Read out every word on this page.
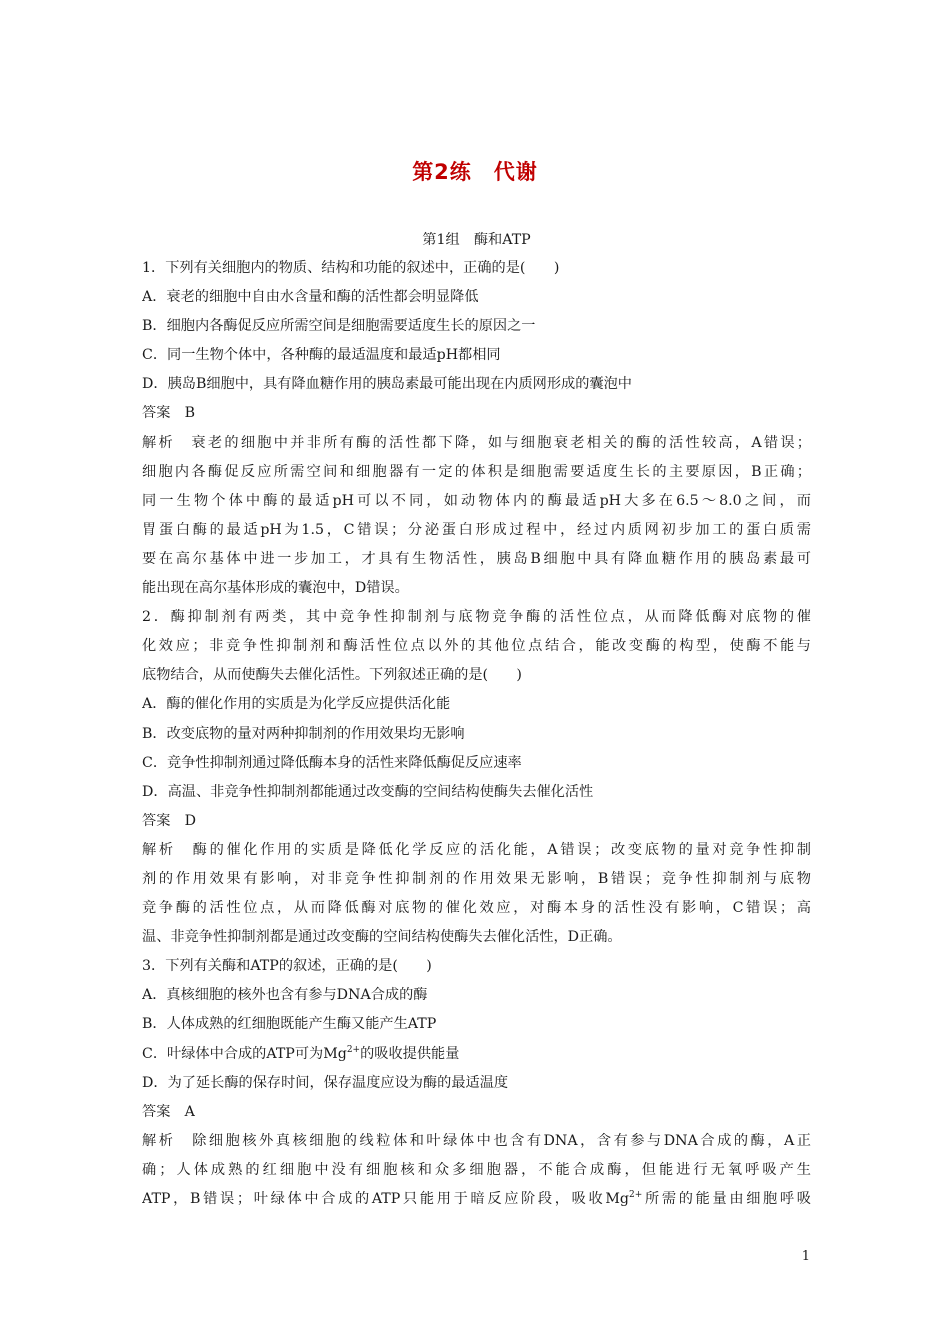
第2练　代谢
第1组　酶和ATP
1．下列有关细胞内的物质、结构和功能的叙述中，正确的是(　　)
A．衰老的细胞中自由水含量和酶的活性都会明显降低
B．细胞内各酶促反应所需空间是细胞需要适度生长的原因之一
C．同一生物个体中，各种酶的最适温度和最适pH都相同
D．胰岛B细胞中，具有降血糖作用的胰岛素最可能出现在内质网形成的囊泡中
答案　B
解析　衰老的细胞中并非所有酶的活性都下降，如与细胞衰老相关的酶的活性较高，A错误；
细胞内各酶促反应所需空间和细胞器有一定的体积是细胞需要适度生长的主要原因，B正确；
同一生物个体中酶的最适pH可以不同，如动物体内的酶最适pH大多在6.5～8.0之间，而
胃蛋白酶的最适pH为1.5，C错误；分泌蛋白形成过程中，经过内质网初步加工的蛋白质需
要在高尔基体中进一步加工，才具有生物活性，胰岛B细胞中具有降血糖作用的胰岛素最可
能出现在高尔基体形成的囊泡中，D错误。
2．酶抑制剂有两类，其中竞争性抑制剂与底物竞争酶的活性位点，从而降低酶对底物的催
化效应；非竞争性抑制剂和酶活性位点以外的其他位点结合，能改变酶的构型，使酶不能与
底物结合，从而使酶失去催化活性。下列叙述正确的是(　　)
A．酶的催化作用的实质是为化学反应提供活化能
B．改变底物的量对两种抑制剂的作用效果均无影响
C．竞争性抑制剂通过降低酶本身的活性来降低酶促反应速率
D．高温、非竞争性抑制剂都能通过改变酶的空间结构使酶失去催化活性
答案　D
解析　酶的催化作用的实质是降低化学反应的活化能，A错误；改变底物的量对竞争性抑制
剂的作用效果有影响，对非竞争性抑制剂的作用效果无影响，B错误；竞争性抑制剂与底物
竞争酶的活性位点，从而降低酶对底物的催化效应，对酶本身的活性没有影响，C错误；高
温、非竞争性抑制剂都是通过改变酶的空间结构使酶失去催化活性，D正确。
3．下列有关酶和ATP的叙述，正确的是(　　)
A．真核细胞的核外也含有参与DNA合成的酶
B．人体成熟的红细胞既能产生酶又能产生ATP
C．叶绿体中合成的ATP可为$Mg^{2+}$的吸收提供能量
D．为了延长酶的保存时间，保存温度应设为酶的最适温度
答案　A
解析　除细胞核外真核细胞的线粒体和叶绿体中也含有DNA，含有参与DNA合成的酶，A正
确；人体成熟的红细胞中没有细胞核和众多细胞器，不能合成酶，但能进行无氧呼吸产生
ATP，B错误；叶绿体中合成的ATP只能用于暗反应阶段，吸收$Mg^{2+}$所需的能量由细胞呼吸
1
